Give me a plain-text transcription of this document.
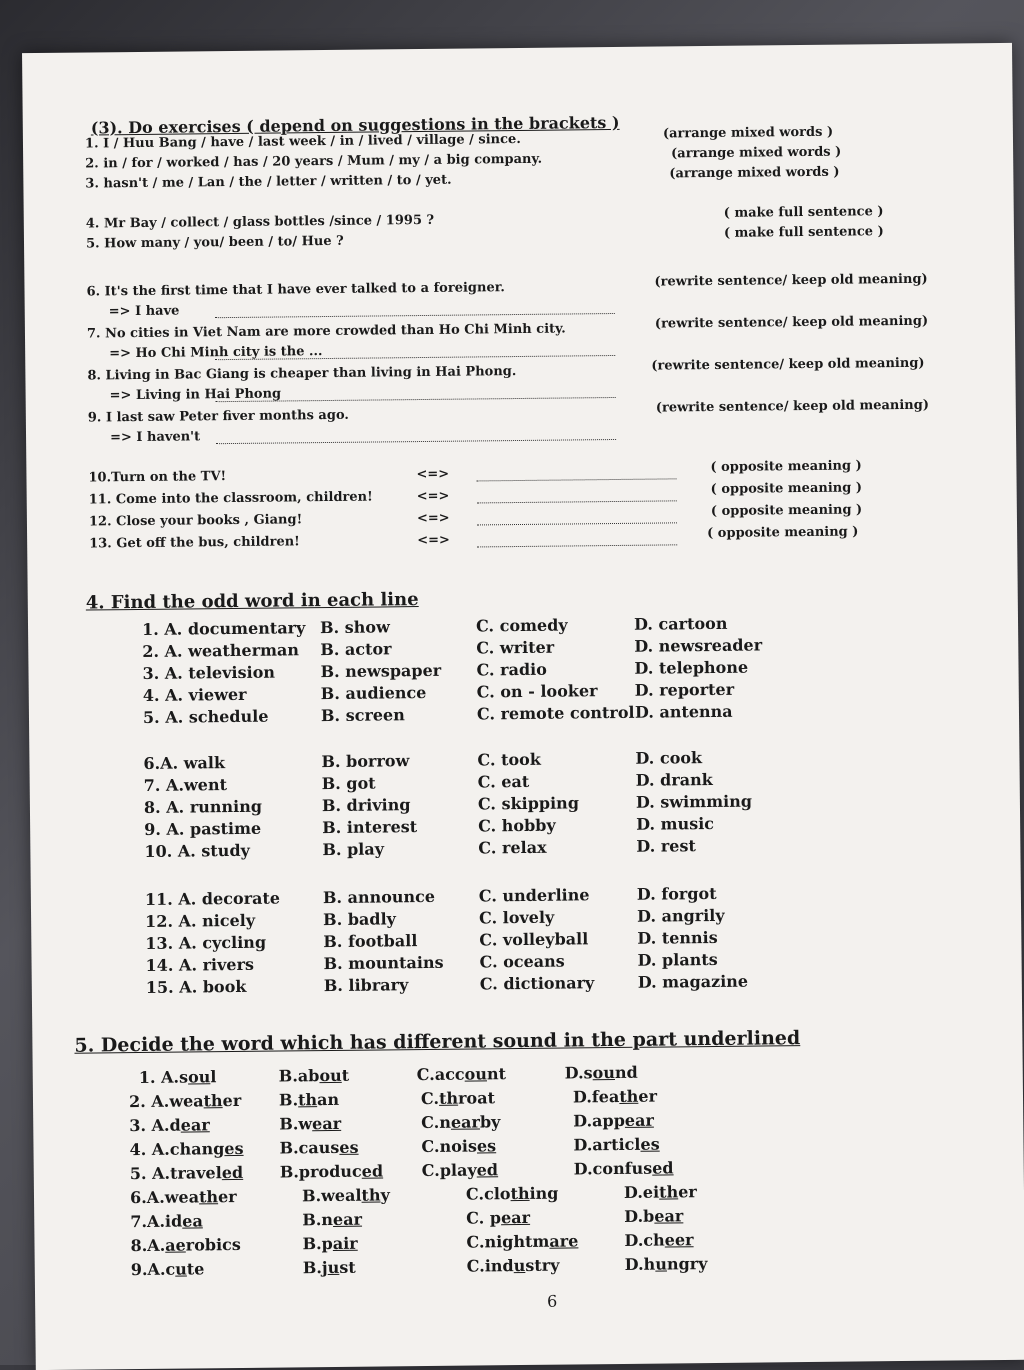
(3). Do exercises ( depend on suggestions in the brackets )
1. I / Huu Bang / have / last week / in / lived / village / since.	(arrange mixed words )
2. in / for / worked / has / 20 years / Mum / my / a big company.	(arrange mixed words )
3. hasn't / me / Lan / the / letter / written / to / yet.	(arrange mixed words )
4. Mr Bay / collect / glass bottles /since / 1995 ?
( make full sentence )
5. How many / you/ been / to/ Hue ?
( make full sentence )
6. It's the first time that I have ever talked to a foreigner.	(rewrite sentence/ keep old meaning)
=> I have
7. No cities in Viet Nam are more crowded than Ho Chi Minh city.	(rewrite sentence/ keep old meaning)
=> Ho Chi Minh city is the ...
8. Living in Bac Giang is cheaper than living in Hai Phong.	(rewrite sentence/ keep old meaning)
=> Living in Hai Phong
9. I last saw Peter fiver months ago.
(rewrite sentence/ keep old meaning)
=> I haven't
10.Turn on the TV!
( opposite meaning )
<=>
11. Come into the classroom, children!
( opposite meaning )
<=>
12. Close your books , Giang!
( opposite meaning )
<=>
13. Get off the bus, children!
( opposite meaning )
<=>
4. Find the odd word in each line
1. A. documentary B. show	C. comedy	D. cartoon
2. A. weatherman B. actor	C. writer	D. newsreader
3. A. television	B. newspaper C. radio	D. telephone
4. A. viewer	B. audience	C. on - looker D. reporter
5. A. schedule	B. screen	C. remote control D. antenna
6.A. walk	B. borrow	C. took	D. cook
7. A.went	B. got	C. eat	D. drank
8. A. running	B. driving	C. skipping	D. swimming
9. A. pastime	B. interest	C. hobby	D. music
10. A. study	B. play	C. relax	D. rest
11. A. decorate	B. announce	C. underline	D. forgot
12. A. nicely	B. badly	C. lovely	D. angrily
13. A. cycling	B. football	C. volleyball	D. tennis
14. A. rivers	B. mountains C. oceans	D. plants
15. A. book	B. library	C. dictionary	D. magazine
5. Decide the word which has different sound in the part underlined
1. A.soul	B.about	C.account	D.sound
2. A.weather B.than	C.throat	D.feather
3. A.dear	B.wear	C.nearby	D.appear
4. A.changes B.causes	C.noises	D.articles
5. A.traveled B.produced C.played	D.confused
6.A.weather	B.wealthy	C.clothing	D.either
7.A.idea	B.near	C. pear	D.bear
8.A.aerobics	B.pair	C.nightmare	D.cheer
9.A.cute	B.just	C.industry	D.hungry
6
